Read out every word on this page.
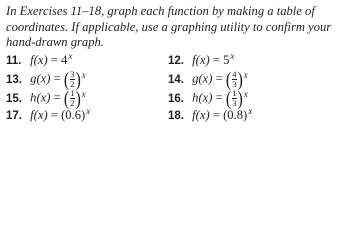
In Exercises 11–18, graph each function by making a table of coordinates. If applicable, use a graphing utility to confirm your hand-drawn graph.

11. $f(x) = 4^x$	12. $f(x) = 5^x$
13. g(x) = ( $\frac{3}{2} )^x$	14. g(x) = ( $\frac{4}{3} )^x$
15. h(x) = ( $\frac{1}{2} )^x$	16. h(x) = ( $\frac{1}{3} )^x$
17. $f(x) = (0.6)^x$	18. $f(x) = (0.8)^x$
